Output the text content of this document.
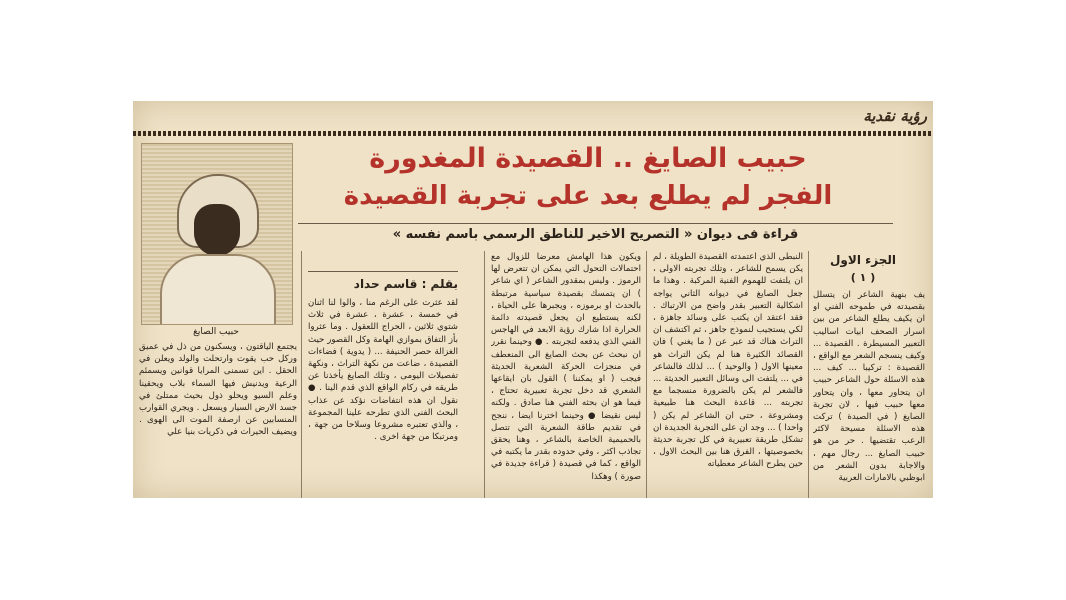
رؤية نقدية
حبيب الصايغ .. القصيدة المغدورة
الفجر لم يطلع بعد على تجربة القصيدة
قراءة فى ديوان « التصريح الاخير للناطق الرسمي باسم نفسه »
حبيب الصايغ
بقلم : قاسم حداد
الجزء الاول
( ١ )

يف بنهية الشاعر ان يتسلل بقصيدته في طموحه الفني او ان يكيف يطلع الشاعر من بين اسرار الصحف ابيات اساليب التعبير المسيطرة . القصيدة ... وكيف ينسجم الشعر مع الواقع ، القصيدة : تركيبا ... كيف ... هذه الاسئلة حول الشاعر حبيب ان يتحاور معها ، وان يتحاور معها حبيب فيها ، لان تجربة الصايغ ( في الصيدة ) تركت هذه الاسئلة مسيحة لاكثر الرعب تقتضيها . حر من هو حبيب الصايغ ... رجال مهم ، والاجابة بدون الشعر من ابوظبي بالامارات العربية

النبطى الذي اعتمدته القصيدة الطويلة ، لم يكن يسمح للشاعر ، وتلك تجربته الاولى ، ان يلتفت للهموم الفنية المركبة . وهذا ما جعل الصايغ في ديوانه الثاني يواجه اشكالية التعبير بقدر واضح من الارتباك . فقد اعتقد ان يكتب على وسائد جاهزة ، لكي يستجيب لنموذج جاهز ، ثم اكتشف ان التراث هناك قد عبر عن ( ما يغني ) فان القصائد الكثيرة هنا لم يكن التراث هو معينها الاول ( والوحيد ) ... لذلك فالشاعر في ... يلتفت الى وسائل التعبير الحديثة ... فالشعر لم يكن بالضرورة منسجما مع تجربته ... قاعدة البحث هنا طبيعية ومشروعة ، حتى ان الشاعر لم يكن ( واحدا ) ... وجد ان على التجربة الجديدة ان تشكل طريقة تعبيرية في كل تجربة حديثة بخصوصيتها ، الفرق هنا بين البحث الاول ، حين يطرح الشاعر معطياته

ويكون هذا الهامش معرضا للزوال مع احتمالات التحول التي يمكن ان تتعرض لها الرموز . وليس بمقدور الشاعر ( اي شاعر ) ان يتمسك بقصيدة سياسية مرتبطة بالحدث او برموزه ، ويجبرها على الحياة ، لكنه يستطيع ان يجعل قصيدته دائمة الحرارة اذا شارك رؤية الابعد في الهاجس الفني الذي يدفعه لتجربته . ● وحينما نقرر ان نبحث عن بحث الصايغ الى المنعطف في منجزات الحركة الشعرية الحديثة فيجب ( او يمكننا ) القول بان ايقاعها الشعري قد دخل تجربة تعبيرية تحتاج ، فيما هو ان بحثه الفني هنا صادق . ولكنه ليس نقيضا ● وحينما اخترنا ايضا ، ننجح في تقديم طاقة الشعرية التي تتصل بالحميمية الخاصة بالشاعر ، وهنا يحقق تجاذب اكثر ، وفي حدوده بقدر ما يكتبه في الواقع ، كما في قصيدة ( قراءة جديدة في صورة ) وهكذا

لقد عثرت على الرغم منا ، والوا لنا اثنان في خمسة ، عشرة ، عشرة في ثلاث شتوي ثلاثين ، الحراج اللعقول . وما عثروا بأز التفاق بموازي الهامة وكل القصور حيث الغزالة حصر الحنيفة ... ( يدوية ) فضاءات القصيدة ، ضاعت من نكهة التراث ، ونكهة تفصيلات اليومى ، وتلك الصايغ يأخذنا عن طريقه في ركام الواقع الذي قدم الينا . ● نقول ان هذه انتفاضات نؤكد عن عذاب البحث الفنى الذي تطرحه علينا المجموعة ، والذي تعتبره مشروعا وسلاحا من جهة ، ومرتبكا من جهة اخرى .

يجتمع الياقتون ، ويسكنون من ذل في عميق وركل حب يقوت وارتحلت والولد ويعلن في الحقل . اين تسمنى المرايا قوانين ويسمئم الرعية ويدنيش فيها السماء بلاب ويحقينا وعلم السيو ويحلو ذول بحيث ممتلئ في جسد الارض السيار ويسعل . ويجري القوارب المنسابين عن ارصفة الموت الى الهوى . ويضيف الحيرات في ذكريات بنيا علي
